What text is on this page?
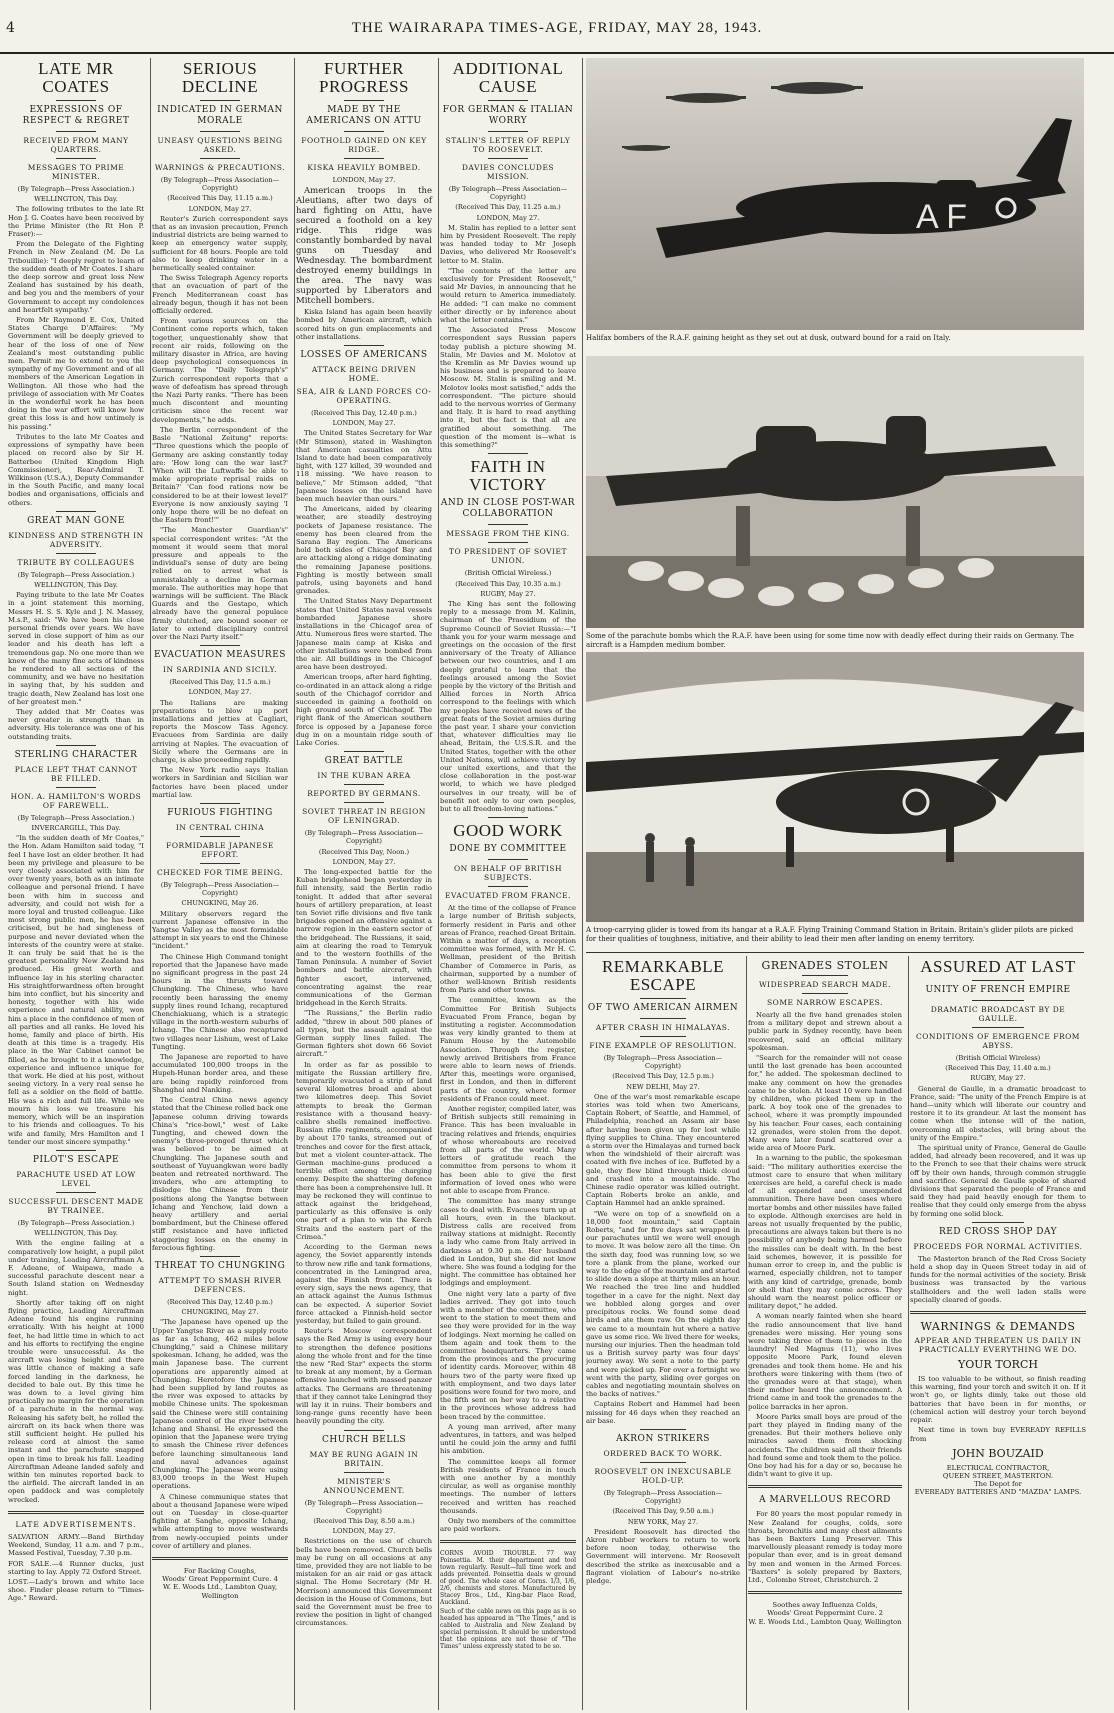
4	THE WAIRARAPA TIMES-AGE, FRIDAY, MAY 28, 1943.
LATE MR COATES
EXPRESSIONS OF RESPECT & REGRET
RECEIVED FROM MANY QUARTERS.
MESSAGES TO PRIME MINISTER.
(By Telegraph—Press Association.)
WELLINGTON, This Day.

The following tributes to the late Rt Hon J. G. Coates have been received by the Prime Minister (the Rt Hon P. Fraser):—

From the Delegate of the Fighting French in New Zealand (M. De La Tribouillie): "I deeply regret to learn of the sudden death of Mr Coates. I share the deep sorrow and great loss New Zealand has sustained by his death, and beg you and the members of your Government to accept my condolences and heartfelt sympathy."

From Mr Raymond E. Cox, United States Charge D'Affaires: "My Government will be deeply grieved to hear of the loss of one of New Zealand's most outstanding public men. Permit me to extend to you the sympathy of my Government and of all members of the American Legation in Wellington. All those who had the privilege of association with Mr Coates in the wonderful work he has been doing in the war effort will know how great this loss is and how untimely is his passing."

Tributes to the late Mr Coates and expressions of sympathy have been placed on record also by Sir H. Batterbee (United Kingdom High Commissioner), Rear-Admiral T. Wilkinson (U.S.A.), Deputy Commander in the South Pacific, and many local bodies and organisations, officials and others.

GREAT MAN GONE
KINDNESS AND STRENGTH IN ADVERSITY.
TRIBUTE BY COLLEAGUES
(By Telegraph—Press Association.)
WELLINGTON, This Day.

Paying tribute to the late Mr Coates in a joint statement this morning, Messrs H. S. S. Kyle and J. N. Massey, M.s.P., said: "We have been his close personal friends over years. We have served in close support of him as our leader and his death has left a tremendous gap. No one more than we knew of the many fine acts of kindness he rendered to all sections of the community, and we have no hesitation in saying that, by his sudden and tragic death, New Zealand has lost one of her greatest men."

They added that Mr Coates was never greater in strength than in adversity. His tolerance was one of his outstanding traits.

STERLING CHARACTER
PLACE LEFT THAT CANNOT BE FILLED.
HON. A. HAMILTON'S WORDS OF FAREWELL.
(By Telegraph—Press Association.)
INVERCARGILL, This Day.

"In the sudden death of Mr Coates," the Hon. Adam Hamilton said today, "I feel I have lost an elder brother. It had been my privilege and pleasure to be very closely associated with him for over twenty years, both as an intimate colleague and personal friend. I have been with him in success and adversity, and could not wish for a more loyal and trusted colleague. Like most strong public men, he has been criticised, but he had singleness of purpose and never deviated when the interests of the country were at stake. It can truly be said that he is the greatest personality New Zealand has produced. His great worth and influence lay in his sterling character. His straightforwardness often brought him into conflict, but his sincerity and honesty, together with his wide experience and natural ability, won him a place in the confidence of men of all parties and all ranks. He loved his home, family and place of birth. His death at this time is a tragedy. His place in the War Cabinet cannot be filled, as he brought to it a knowledge, experience and influence unique for that work. He died at his post, without seeing victory. In a very real sense he fell as a soldier on the field of battle. His was a rich and full life. While we mourn his loss we treasure his memory, which will be an inspiration to his friends and colleagues. To his wife and family, Mrs Hamilton and I tender our most sincere sympathy."

PILOT'S ESCAPE
PARACHUTE USED AT LOW LEVEL
SUCCESSFUL DESCENT MADE BY TRAINEE.
(By Telegraph—Press Association.)
WELLINGTON, This Day.

With the engine failing at a comparatively low height, a pupil pilot under training, Leading Aircraftman A. F. Adeane, of Waipawa, made a successful parachute descent near a South Island station on Wednesday night.

Shortly after taking off on night flying practice, Leading Aircraftman Adeane found his engine running erratically. With his height at 1000 feet, he had little time in which to act and his efforts to rectifying the engine trouble were unsuccessful. As the aircraft was losing height and there was little chance of making a safe forced landing in the darkness, he decided to bale out. By this time he was down to a level giving him practically no margin for the operation of a parachute in the normal way. Releasing his safety belt, he rolled the aircraft on its back when there was still sufficient height. He pulled his release cord at almost the same instant and the parachute snapped open in time to break his fall. Leading Aircraftman Adeane landed safely and within ten minutes reported back to the airfield. The aircraft landed in an open paddock and was completely wrecked.

LATE ADVERTISEMENTS.
SALVATION ARMY.—Band Birthday Weekend, Sunday, 11 a.m. and 7 p.m., Massed Festival, Tuesday, 7.30 p.m.
FOR SALE.—4 Runner ducks, just starting to lay. Apply 72 Oxford Street.
LOST.—Lady's brown and white lace shoe. Finder please return to "Times-Age." Reward.
SERIOUS DECLINE
INDICATED IN GERMAN MORALE
UNEASY QUESTIONS BEING ASKED.
WARNINGS & PRECAUTIONS.
(By Telegraph—Press Association—Copyright)
(Received This Day, 11.15 a.m.)
LONDON, May 27.

Reuter's Zurich correspondent says that as an invasion precaution, French industrial districts are being warned to keep an emergency water supply, sufficient for 48 hours. People are told also to keep drinking water in a hermetically sealed container.

The Swiss Telegraph Agency reports that an evacuation of part of the French Mediterranean coast has already begun, though it has not been officially ordered.

From various sources on the Continent come reports which, taken together, unquestionably show that recent air raids, following on the military disaster in Africa, are having deep psychological consequences in Germany. The "Daily Telegraph's" Zurich correspondent reports that a wave of defeatism has spread through the Nazi Party ranks. "There has been much discontent and mounting criticism since the recent war developments," he adds.

The Berlin correspondent of the Basle "National Zeitung" reports: "Three questions which the people of Germany are asking constantly today are: 'How long can the war last?' 'When will the Luftwaffe be able to make appropriate reprisal raids on Britain?' 'Can food rations now be considered to be at their lowest level?' Everyone is now anxiously saying 'I only hope there will be no defeat on the Eastern front!'"

"The Manchester Guardian's" special correspondent writes: "At the moment it would seem that moral pressure and appeals to the individual's sense of duty are being relied on to arrest what is unmistakably a decline in German morale. The authorities may hope that warnings will be sufficient. The Black Guards and the Gestapo, which already have the general populace firmly clutched, are bound sooner or later to extend disciplinary control over the Nazi Party itself."

EVACUATION MEASURES
IN SARDINIA AND SICILY.
(Received This Day, 11.5 a.m.)
LONDON, May 27.

The Italians are making preparations to blow up port installations and jetties at Cagliari, reports the Moscow Tass Agency. Evacuees from Sardinia are daily arriving at Naples. The evacuation of Sicily where the Germans are in charge, is also proceeding rapidly.

The New York radio says Italian workers in Sardinian and Sicilian war factories have been placed under martial law.

FURIOUS FIGHTING
IN CENTRAL CHINA
FORMIDABLE JAPANESE EFFORT.
CHECKED FOR TIME BEING.
(By Telegraph—Press Association—Copyright)
CHUNGKING, May 26.

Military observers regard the current Japanese offensive in the Yangtse Valley as the most formidable attempt in six years to end the Chinese "incident."

The Chinese High Command tonight reported that the Japanese have made no significant progress in the past 24 hours in the thrusts toward Chungking. The Chinese, who have recently been harassing the enemy supply lines round Ichang, recaptured Chenchiakuang, which is a strategic village in the north-western suburbs of Ichang. The Chinese also recaptured two villages near Lishum, west of Lake Tungting.

The Japanese are reported to have accumulated 100,000 troops in the Hupeh-Hunan border area, and these are being rapidly reinforced from Shanghai and Nanking.

The Central China news agency stated that the Chinese rolled back one Japanese column driving towards China's "rice-bowl," west of Lake Tungting, and chewed down the enemy's three-pronged thrust which was believed to be aimed at Chungking. The Japanese south and southeast of Yuyuangkwan were badly beaten and retreated northward. The invaders, who are attempting to dislodge the Chinese from their positions along the Yangtse between Ichang and Yenchow, laid down a heavy artillery and aerial bombardment, but the Chinese offered stiff resistance and have inflicted staggering losses on the enemy in ferocious fighting.

THREAT TO CHUNGKING
ATTEMPT TO SMASH RIVER DEFENCES.
(Received This Day, 12.40 p.m.)
CHUNGKING, May 27.

"The Japanese have opened up the Upper Yangtse River as a supply route as far as Ichang, 462 miles below Chungking," said a Chinese military spokesman. Ichang, he added, was the main Japanese base. The current operations are apparently aimed at Chungking. Heretofore the Japanese had been supplied by land routes as the river was exposed to attacks by mobile Chinese units. The spokesman said the Chinese were still containing Japanese control of the river between Ichang and Shansi. He expressed the opinion that the Japanese were trying to smash the Chinese river defences before launching simultaneous land and naval advances against Chungking. The Japanese were using 83,000 troops in the West Hupeh operations.

A Chinese communique states that about a thousand Japanese were wiped out on Tuesday in close-quarter fighting at Sanghe, opposite Ichang, while attempting to move westwards from newly-occupied points under cover of artillery and planes.

For Racking Coughs,
Woods' Great Peppermint Cure. 4
W. E. Woods Ltd., Lambton Quay, Wellington
FURTHER PROGRESS
MADE BY THE AMERICANS ON ATTU
FOOTHOLD GAINED ON KEY RIDGE.
KISKA HEAVILY BOMBED.
LONDON, May 27.

American troops in the Aleutians, after two days of hard fighting on Attu, have secured a foothold on a key ridge. This ridge was constantly bombarded by naval guns on Tuesday and Wednesday. The bombardment destroyed enemy buildings in the area. The navy was supported by Liberators and Mitchell bombers.

Kiska Island has again been heavily bombed by American aircraft, which scored hits on gun emplacements and other installations.

LOSSES OF AMERICANS
ATTACK BEING DRIVEN HOME.
SEA, AIR & LAND FORCES CO-OPERATING.
(Received This Day, 12.40 p.m.)
LONDON, May 27.

The United States Secretary for War (Mr Stimson), stated in Washington that American casualties on Attu Island to date had been comparatively light, with 127 killed, 39 wounded and 118 missing. "We have reason to believe," Mr Stimson added, "that Japanese losses on the island have been much heavier than ours."

The Americans, aided by clearing weather, are steadily destroying pockets of Japanese resistance. The enemy has been cleared from the Sarana Bay region. The Americans hold both sides of Chicagof Bay and are attacking along a ridge dominating the remaining Japanese positions. Fighting is mostly between small patrols, using bayonets and hand grenades.

The United States Navy Department states that United States naval vessels bombarded Japanese shore installations in the Chicagof area of Attu. Numerous fires were started. The Japanese main camp at Kiska and other installations were bombed from the air. All buildings in the Chicagof area have been destroyed.

American troops, after hard fighting, co-ordinated in an attack along a ridge south of the Chichagof corridor and succeeded in gaining a foothold on high ground south of Chichagof. The right flank of the American southern force is opposed by a Japanese force dug in on a mountain ridge south of Lake Cories.

GREAT BATTLE
IN THE KUBAN AREA
REPORTED BY GERMANS.
SOVIET THREAT IN REGION OF LENINGRAD.
(By Telegraph—Press Association—Copyright)
(Received This Day, Noon.)
LONDON, May 27.

The long-expected battle for the Kuban bridgehead began yesterday in full intensity, said the Berlin radio tonight. It added that after several hours of artillery preparation, at least ten Soviet rifle divisions and five tank brigades opened an offensive against a narrow region in the eastern sector of the bridgehead. The Russians, it said, aim at clearing the road to Temryuk and to the western foothills of the Taman Peninsula. A number of Soviet bombers and battle aircraft, with fighter escort, intervened, concentrating against the rear communications of the German bridgehead in the Kerch Straits.

"The Russians," the Berlin radio added, "threw in about 500 planes of all types, but the assault against the German supply lines failed. The German fighters shot down 66 Soviet aircraft."

In order as far as possible to mitigate the Russian artillery fire, temporarily evacuated a strip of land several kilometres broad and about two kilometres deep. This Soviet attempts to break the German resistance with a thousand heavy-calibre shells remained ineffective. Russian rifle regiments, accompanied by about 170 tanks, streamed out of trenches and cover for the first attack, but met a violent counter-attack. The German machine-guns produced a terrible effect among the charging enemy. Despite the shattering defence there has been a comprehensive lull. It may be reckoned they will continue to attack against the bridgehead, particularly as this offensive is only one part of a plan to win the Kerch Straits and the eastern part of the Crimea."

According to the German news agency, the Soviet apparently intends to throw new rifle and tank formations, concentrated in the Leningrad area, against the Finnish front. There is every sign, says the news agency, that an attack against the Aunus Isthmus can be expected. A superior Soviet force attacked a Finnish-held sector yesterday, but failed to gain ground.

Reuter's Moscow correspondent says the Red Army is using every hour to strengthen the defence positions along the whole front and for the time the new "Red Star" expects the storm to break at any moment, by a German offensive launched with massed panzer attacks. The Germans are threatening that if they cannot take Leningrad they will lay it in ruins. Their bombers and long-range guns recently have been heavily pounding the city.

CHURCH BELLS
MAY BE RUNG AGAIN IN BRITAIN.
MINISTER'S ANNOUNCEMENT.
(By Telegraph—Press Association—Copyright)
(Received This Day, 8.50 a.m.)
LONDON, May 27.

Restrictions on the use of church bells have been removed. Church bells may be rung on all occasions at any time, provided they are not liable to be mistaken for an air raid or gas attack signal. The Home Secretary (Mr H. Morrison) announced this Government decision in the House of Commons, but said the Government must be free to review the position in light of changed circumstances.

ADDITIONAL CAUSE
FOR GERMAN & ITALIAN WORRY
STALIN'S LETTER OF REPLY TO ROOSEVELT.
DAVIES CONCLUDES MISSION.
(By Telegraph—Press Association—Copyright)
(Received This Day, 11.25 a.m.)
LONDON, May 27.

M. Stalin has replied to a letter sent him by President Roosevelt. The reply was handed today to Mr Joseph Davies, who delivered Mr Roosevelt's letter to M. Stalin.

"The contents of the letter are exclusively for President Roosevelt," said Mr Davies, in announcing that he would return to America immediately. He added: "I can make no comment either directly or by inference about what the letter contains."

The Associated Press Moscow correspondent says Russian papers today publish a picture showing M. Stalin, Mr Davies and M. Molotov at the Kremlin as Mr Davies wound up his business and is prepared to leave Moscow. M. Stalin is smiling and M. Molotov looks most satisfied," adds the correspondent. "The picture should add to the nervous worries of Germany and Italy. It is hard to read anything into it, but the fact is that all are gratified about something. The question of the moment is—what is this something?"

FAITH IN VICTORY
AND IN CLOSE POST-WAR COLLABORATION
MESSAGE FROM THE KING.
TO PRESIDENT OF SOVIET UNION.
(British Official Wireless.)
(Received This Day, 10.35 a.m.)
RUGBY, May 27.

The King has sent the following reply to a message from M. Kalinin, chairman of the Praesidium of the Supreme Council of Soviet Russia:—"I thank you for your warm message and greetings on the occasion of the first anniversary of the Treaty of Alliance between our two countries, and I am deeply grateful to learn that the feelings aroused among the Soviet people by the victory of the British and Allied forces in North Africa correspond to the feelings with which my peoples have received news of the great feats of the Soviet armies during the past year. I share your conviction that, whatever difficulties may lie ahead, Britain, the U.S.S.R. and the United States, together with the other United Nations, will achieve victory by our united exertions, and that the close collaboration in the post-war world, to which we have pledged ourselves in our treaty, will be of benefit not only to our own peoples, but to all freedom-loving nations."

GOOD WORK
DONE BY COMMITTEE
ON BEHALF OF BRITISH SUBJECTS.
EVACUATED FROM FRANCE.

At the time of the collapse of France a large number of British subjects, formerly resident in Paris and other areas of France, reached Great Britain. Within a matter of days, a reception committee was formed, with Mr H. C. Wellman, president of the British Chamber of Commerce in Paris, as chairman, supported by a number of other well-known British residents from Paris and other towns.

The committee, known as the Committee For British Subjects Evacuated From France, began by instituting a register. Accommodation was very kindly granted to them at Fanum House by the Automobile Association. Through the register, newly arrived Britishers from France were able to learn news of friends. After this, meetings were organised, first in London, and then in different parts of the country, where former residents of France could meet.

Another register, compiled later, was of British subjects still remaining in France. This has been invaluable in tracing relatives and friends, enquiries of whose whereabouts are received from all parts of the world. Many letters of gratitude reach the committee from persons to whom it has been able to give the first information of loved ones who were not able to escape from France.

The committee has many strange cases to deal with. Evacuees turn up at all hours, even in the blackout. Distress calls are received from railway stations at midnight. Recently a lady who came from Italy arrived in darkness at 9.30 p.m. Her husband died in London, but she did not know where. She was found a lodging for the night. The committee has obtained her lodgings and employment.

One night very late a party of five ladies arrived. They got into touch with a member of the committee, who went to the station to meet them and see they were provided for in the way of lodgings. Next morning he called on them again and took them to the committee headquarters. They came from the provinces and the procuring of identity cards. Moreover, within 48 hours two of the party were fixed up with employment, and two days later positions were found for two more, and the fifth sent on her way to a relative in the provinces whose address had been traced by the committee.

A young man arrived, after many adventures, in tatters, and was helped until he could join the army and fulfil his ambition.

The committee keeps all former British residents of France in touch with one another by a monthly circular, as well as organise monthly meetings. The number of letters received and written has reached thousands.

Only two members of the committee are paid workers.

CORNS AVOID TROUBLE. 77 way Poinsettia. M. their department and tool town regularly. Result—full time work and adds prevented. Poinsettia deals w ground of good. The whole case of Corns. 1/3, 1/6, 2/6, chemists and stores. Manufactured by Stacey Bros., Ltd., King-bar Place Road, Auckland.
Such of the cable news on this page as is so headed has appeared in "The Times," and is cabled to Australia and New Zealand by special permission. It should be understood that the opinions are not those of "The Times" unless expressly stated to be so.
A F
Halifax bombers of the R.A.F. gaining height as they set out at dusk, outward bound for a raid on Italy.
Some of the parachute bombs which the R.A.F. have been using for some time now with deadly effect during their raids on Germany. The aircraft is a Hampden medium bomber.
A troop-carrying glider is towed from its hangar at a R.A.F. Flying Training Command Station in Britain. Britain's glider pilots are picked for their qualities of toughness, initiative, and their ability to lead their men after landing on enemy territory.
REMARKABLE ESCAPE
OF TWO AMERICAN AIRMEN
AFTER CRASH IN HIMALAYAS.
FINE EXAMPLE OF RESOLUTION.
(By Telegraph—Press Association—Copyright)
(Received This Day, 12.5 p.m.)
NEW DELHI, May 27.

One of the war's most remarkable escape stories was told when two Americans, Captain Robert, of Seattle, and Hammel, of Philadelphia, reached an Assam air base after having been given up for lost while flying supplies to China. They encountered a storm over the Himalayas and turned back when the windshield of their aircraft was coated with five inches of ice. Buffeted by a gale, they flew blind through thick cloud and crashed into a mountainside. The Chinese radio operator was killed outright. Captain Roberts broke an ankle, and Captain Hammel had an ankle sprained.

"We were on top of a snowfield on a 18,000 foot mountain," said Captain Roberts, "and for five days sat wrapped in our parachutes until we were well enough to move. It was below zero all the time. On the sixth day, food was running low, so we tore a plank from the plane, worked our way to the edge of the mountain and started to slide down a slope at thirty miles an hour. We reached the tree line and huddled together in a cave for the night. Next day we hobbled along gorges and over precipitous rocks. We found some dead birds and ate them raw. On the eighth day we came to a mountain hut where a native gave us some rice. We lived there for weeks, nursing our injuries. Then the headman told us a British survey party was four days' journey away. We sent a note to the party and were picked up. For over a fortnight we went with the party, sliding over gorges on cables and negotiating mountain shelves on the backs of natives."

Captains Robert and Hammel had been missing for 46 days when they reached an air base.

AKRON STRIKERS
ORDERED BACK TO WORK.
ROOSEVELT ON INEXCUSABLE HOLD-UP.
(By Telegraph—Press Association—Copyright)
(Received This Day, 9.50 a.m.)
NEW YORK, May 27.

President Roosevelt has directed the Akron rubber workers to return to work before noon today, otherwise the Government will intervene. Mr Roosevelt described the strike as inexcusable and a flagrant violation of Labour's no-strike pledge.

GRENADES STOLEN
WIDESPREAD SEARCH MADE.
SOME NARROW ESCAPES.

Nearly all the five hand grenades stolen from a military depot and strewn about a public park in Sydney recently, have been recovered, said an official military spokesman.

"Search for the remainder will not cease until the last grenade has been accounted for," he added. The spokesman declined to make any comment on how the grenades came to be stolen. At least 10 were handled by children, who picked them up in the park. A boy took one of the grenades to school, where it was promptly impounded by his teacher. Four cases, each containing 12 grenades, were stolen from the depot. Many were later found scattered over a wide area of Moore Park.

In a warning to the public, the spokesman said: "The military authorities exercise the utmost care to ensure that when military exercises are held, a careful check is made of all expended and unexpended ammunition. There have been cases where mortar bombs and other missiles have failed to explode. Although exercises are held in areas not usually frequented by the public, precautions are always taken but there is no possibility of anybody being harmed before the missiles can be dealt with. In the best laid schemes, however, it is possible for human error to creep in, and the public is warned, especially children, not to tamper with any kind of cartridge, grenade, bomb or shell that they may come across. They should warn the nearest police officer or military depot," he added.

A woman nearly fainted when she heard the radio announcement that live hand grenades were missing. Her young sons were taking three of them to pieces in the laundry! Ned Magnus (11), who lives opposite Moore Park, found eleven grenades and took them home. He and his brothers were tinkering with them (two of the grenades were at that stage), when their mother heard the announcement. A friend came in and took the grenades to the police barracks in her apron.

Moore Parks small boys are proud of the part they played in finding many of the grenades. But their mothers believe only miracles saved them from shocking accidents. The children said all their friends had found some and took them to the police. One boy had his for a day or so, because he didn't want to give it up.

A MARVELLOUS RECORD

For 80 years the most popular remedy in New Zealand for coughs, colds, sore throats, bronchitis and many chest ailments has been Baxters Lung Preserver. This marvellously pleasant remedy is today more popular than ever, and is in great demand by men and women in the Armed Forces. "Baxters" is solely prepared by Baxters, Ltd., Colombo Street, Christchurch. 2

Soothes away Influenza Colds,
Woods' Great Peppermint Cure. 2
W. E. Woods Ltd., Lambton Quay, Wellington
ASSURED AT LAST
UNITY OF FRENCH EMPIRE
DRAMATIC BROADCAST BY DE GAULLE.
CONDITIONS OF EMERGENCE FROM ABYSS.
(British Official Wireless)
(Received This Day, 11.40 a.m.)
RUGBY, May 27.

General de Gaulle, in a dramatic broadcast to France, said: "The unity of the French Empire is at hand—unity which will liberate our country and restore it to its grandeur. At last the moment has come when the intense will of the nation, overcoming all obstacles, will bring about the unity of the Empire."

The spiritual unity of France, General de Gaulle added, had already been recovered, and it was up to the French to see that their chains were struck off by their own hands, through common struggle and sacrifice. General de Gaulle spoke of shared divisions that separated the people of France and said they had paid heavily enough for them to realise that they could only emerge from the abyss by forming one solid block.

RED CROSS SHOP DAY
PROCEEDS FOR NORMAL ACTIVITIES.

The Masterton branch of the Red Cross Society held a shop day in Queen Street today in aid of funds for the normal activities of the society. Brisk business was transacted by the various stallholders and the well laden stalls were specially cleared of goods.

WARNINGS & DEMANDS
APPEAR AND THREATEN US DAILY IN PRACTICALLY EVERYTHING WE DO.
YOUR TORCH

IS too valuable to be without, so finish reading this warning, find your torch and switch it on. If it won't go, or lights dimly, take out those old batteries that have been in for months, or (chemical action will destroy your torch beyond repair.

Next time in town buy EVEREADY REFILLS from

JOHN BOUZAID
ELECTRICAL CONTRACTOR,
QUEEN STREET, MASTERTON.
The Depot for
EVEREADY BATTERIES AND "MAZDA" LAMPS.
